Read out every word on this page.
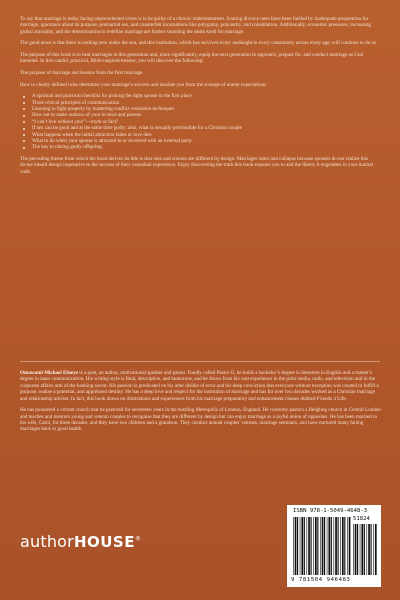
To say that marriage is today facing unprecedented crises is to be guilty of a chronic understatement. Soaring divorce rates have been fuelled by inadequate preparation for marriage, ignorance about its purpose, premarital sex, and counterfeit incarnations like polygamy, polyandry, and cohabitation. Additionally, economic pressures, increasing global amorality, and the determination to redefine marriage are further sounding the death knell for marriage.

The good news is that there is nothing new under the sun, and this institution, which has survived every onslaught in every community across every age, will continue to do so.

The purpose of this book is to heal marriages in this generation and, more significantly, equip the next generation to approach, prepare for, and conduct marriage as God intended. In this candid, practical, Bible-inspired treatise, you will discover the following:

The purpose of marriage and lessons from the first marriage

How to clearly defined roles determine your marriage’s success and insulate you from the scourge of unmet expectations

A spiritual and practical checklist for picking the right spouse in the first place
Three critical principles of communication
Learning to fight properly by mastering conflict resolution techniques
How not to make outlaws of your in-laws and parents
“I can’t live without you!”—myth or fact?
If sex can be good and at the same time godly; also, what is sexually permissible for a Christian couple
What happens when the initial attraction fades or love dies
What to do when your spouse is attracted to or involved with an external party
The key to raising godly offspring.

The pervading theme from which the book derives its title is that men and women are different by design. Marriages totter and collapse because spouses do not realize this divine inbuilt design imperative to the success of their connubial experience. Enjoy discovering the truth this book exposes you to and the liberty it engenders in your marital walk.

Omawumi Michael Efueye is a poet, an author, motivational speaker and pastor. Fondly called Pastor O, he holds a bachelor’s degree in literature in English and a master’s degree in mass communication. His writing style is fluid, descriptive, and humorous, and he draws from his vast experience in the print media, radio, and television and in the corporate affairs arm of the banking sector. His passion is predicated on his utter dislike of error and his deep conviction that everyone without exception was created to fulfill a purpose, realise a potential, and apprehend destiny. He has a deep love and respect for the institution of marriage and has for over two decades worked as a Christian marriage and relationship adviser. In fact, this book draws on illustrations and experiences from his marriage preparatory and enhancement classes dubbed Friends 4 Life.

He has pioneered a vibrant church that he pastored for seventeen years in the bustling Metropolis of London, England. He currently pastors a fledgling church in Central London and teaches and mentors young and veteran couples to recognise that they are different by design but can enjoy marriage as a joyful union of opposites. He has been married to his wife, Carol, for three decades, and they have two children and a grandson. They conduct annual couples’ retreats, marriage seminars, and have nurtured many failing marriages back to good health.

authorHOUSE®
ISBN 978-1-5049-4648-3
51824
9 781504 946483
